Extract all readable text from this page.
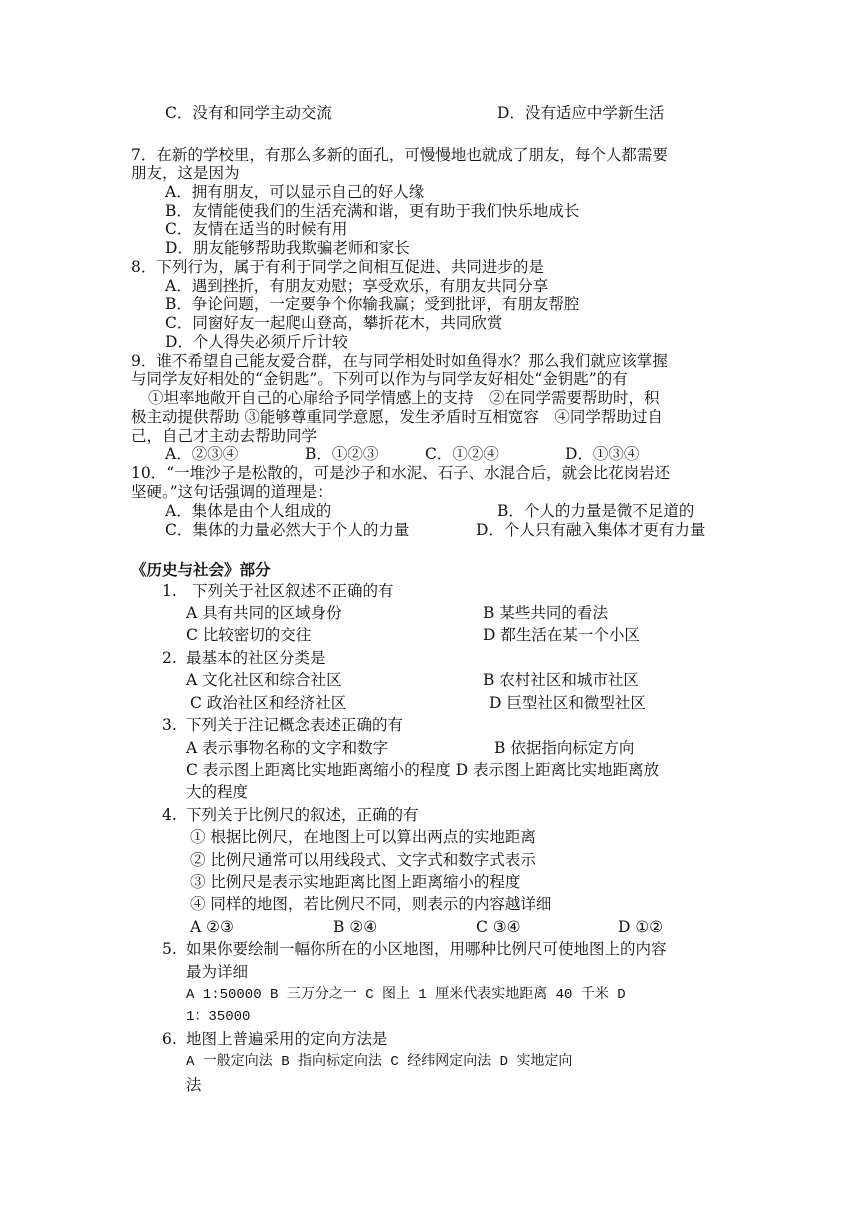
C．没有和同学主动交流	D．没有适应中学新生活
7．在新的学校里，有那么多新的面孔，可慢慢地也就成了朋友，每个人都需要
朋友，这是因为
A．拥有朋友，可以显示自己的好人缘
B．友情能使我们的生活充满和谐，更有助于我们快乐地成长
C．友情在适当的时候有用
D．朋友能够帮助我欺骗老师和家长
8．下列行为，属于有利于同学之间相互促进、共同进步的是
A．遇到挫折，有朋友劝慰；享受欢乐，有朋友共同分享
B．争论问题，一定要争个你输我赢；受到批评，有朋友帮腔
C．同窗好友一起爬山登高，攀折花木，共同欣赏
D．个人得失必须斤斤计较
9．谁不希望自己能友爱合群，在与同学相处时如鱼得水？那么我们就应该掌握
与同学友好相处的“金钥匙”。下列可以作为与同学友好相处“金钥匙”的有
①坦率地敞开自己的心扉给予同学情感上的支持　②在同学需要帮助时，积
极主动提供帮助 ③能够尊重同学意愿，发生矛盾时互相宽容　④同学帮助过自
己，自己才主动去帮助同学
A．②③④	B．①②③	C．①②④	D．①③④
10．“一堆沙子是松散的，可是沙子和水泥、石子、水混合后，就会比花岗岩还
坚硬。”这句话强调的道理是：
A．集体是由个人组成的	B．个人的力量是微不足道的
C．集体的力量必然大于个人的力量	D．个人只有融入集体才更有力量
《历史与社会》部分
1. 下列关于社区叙述不正确的有
A 具有共同的区域身份	B 某些共同的看法
C 比较密切的交往	D 都生活在某一个小区
2. 最基本的社区分类是
A 文化社区和综合社区	B 农村社区和城市社区
C 政治社区和经济社区	D 巨型社区和微型社区
3. 下列关于注记概念表述正确的有
A 表示事物名称的文字和数字	B 依据指向标定方向
C 表示图上距离比实地距离缩小的程度 D 表示图上距离比实地距离放
大的程度
4. 下列关于比例尺的叙述，正确的有
① 根据比例尺，在地图上可以算出两点的实地距离
② 比例尺通常可以用线段式、文字式和数字式表示
③ 比例尺是表示实地距离比图上距离缩小的程度
④ 同样的地图，若比例尺不同，则表示的内容越详细
A ②③	B ②④	C ③④	D ①②
5. 如果你要绘制一幅你所在的小区地图，用哪种比例尺可使地图上的内容
最为详细
A 1:50000 B 三万分之一 C 图上 1 厘米代表实地距离 40 千米 D
1：35000
6. 地图上普遍采用的定向方法是
A 一般定向法 B 指向标定向法 C 经纬网定向法 D 实地定向
法
